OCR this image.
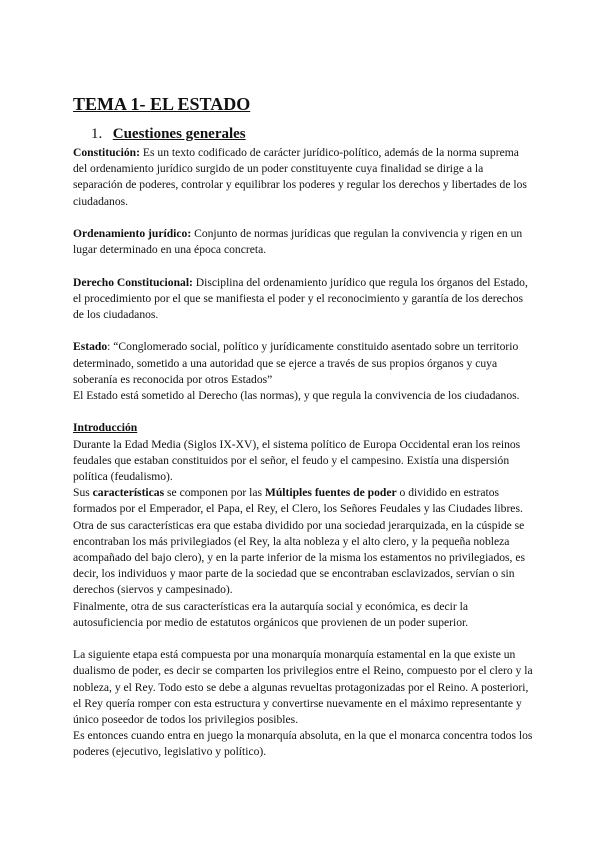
TEMA 1- EL ESTADO
1. Cuestiones generales

Constitución: Es un texto codificado de carácter jurídico-político, además de la norma suprema del ordenamiento jurídico surgido de un poder constituyente cuya finalidad se dirige a la separación de poderes, controlar y equilibrar los poderes y regular los derechos y libertades de los ciudadanos.

Ordenamiento jurídico: Conjunto de normas jurídicas que regulan la convivencia y rigen en un lugar determinado en una época concreta.

Derecho Constitucional: Disciplina del ordenamiento jurídico que regula los órganos del Estado, el procedimiento por el que se manifiesta el poder y el reconocimiento y garantía de los derechos de los ciudadanos.

Estado: “Conglomerado social, político y jurídicamente constituido asentado sobre un territorio determinado, sometido a una autoridad que se ejerce a través de sus propios órganos y cuya soberanía es reconocida por otros Estados”

El Estado está sometido al Derecho (las normas), y que regula la convivencia de los ciudadanos.

Introducción

Durante la Edad Media (Siglos IX-XV), el sistema político de Europa Occidental eran los reinos feudales que estaban constituidos por el señor, el feudo y el campesino. Existía una dispersión política (feudalismo).

Sus características se componen por las Múltiples fuentes de poder o dividido en estratos formados por el Emperador, el Papa, el Rey, el Clero, los Señores Feudales y las Ciudades libres. Otra de sus características era que estaba dividido por una sociedad jerarquizada, en la cúspide se encontraban los más privilegiados (el Rey, la alta nobleza y el alto clero, y la pequeña nobleza acompañado del bajo clero), y en la parte inferior de la misma los estamentos no privilegiados, es decir, los individuos y maor parte de la sociedad que se encontraban esclavizados, servían o sin derechos (siervos y campesinado).

Finalmente, otra de sus características era la autarquía social y económica, es decir la autosuficiencia por medio de estatutos orgánicos que provienen de un poder superior.

La siguiente etapa está compuesta por una monarquía monarquía estamental en la que existe un dualismo de poder, es decir se comparten los privilegios entre el Reino, compuesto por el clero y la nobleza, y el Rey. Todo esto se debe a algunas revueltas protagonizadas por el Reino. A posteriori, el Rey quería romper con esta estructura y convertirse nuevamente en el máximo representante y único poseedor de todos los privilegios posibles.

Es entonces cuando entra en juego la monarquía absoluta, en la que el monarca concentra todos los poderes (ejecutivo, legislativo y político).
